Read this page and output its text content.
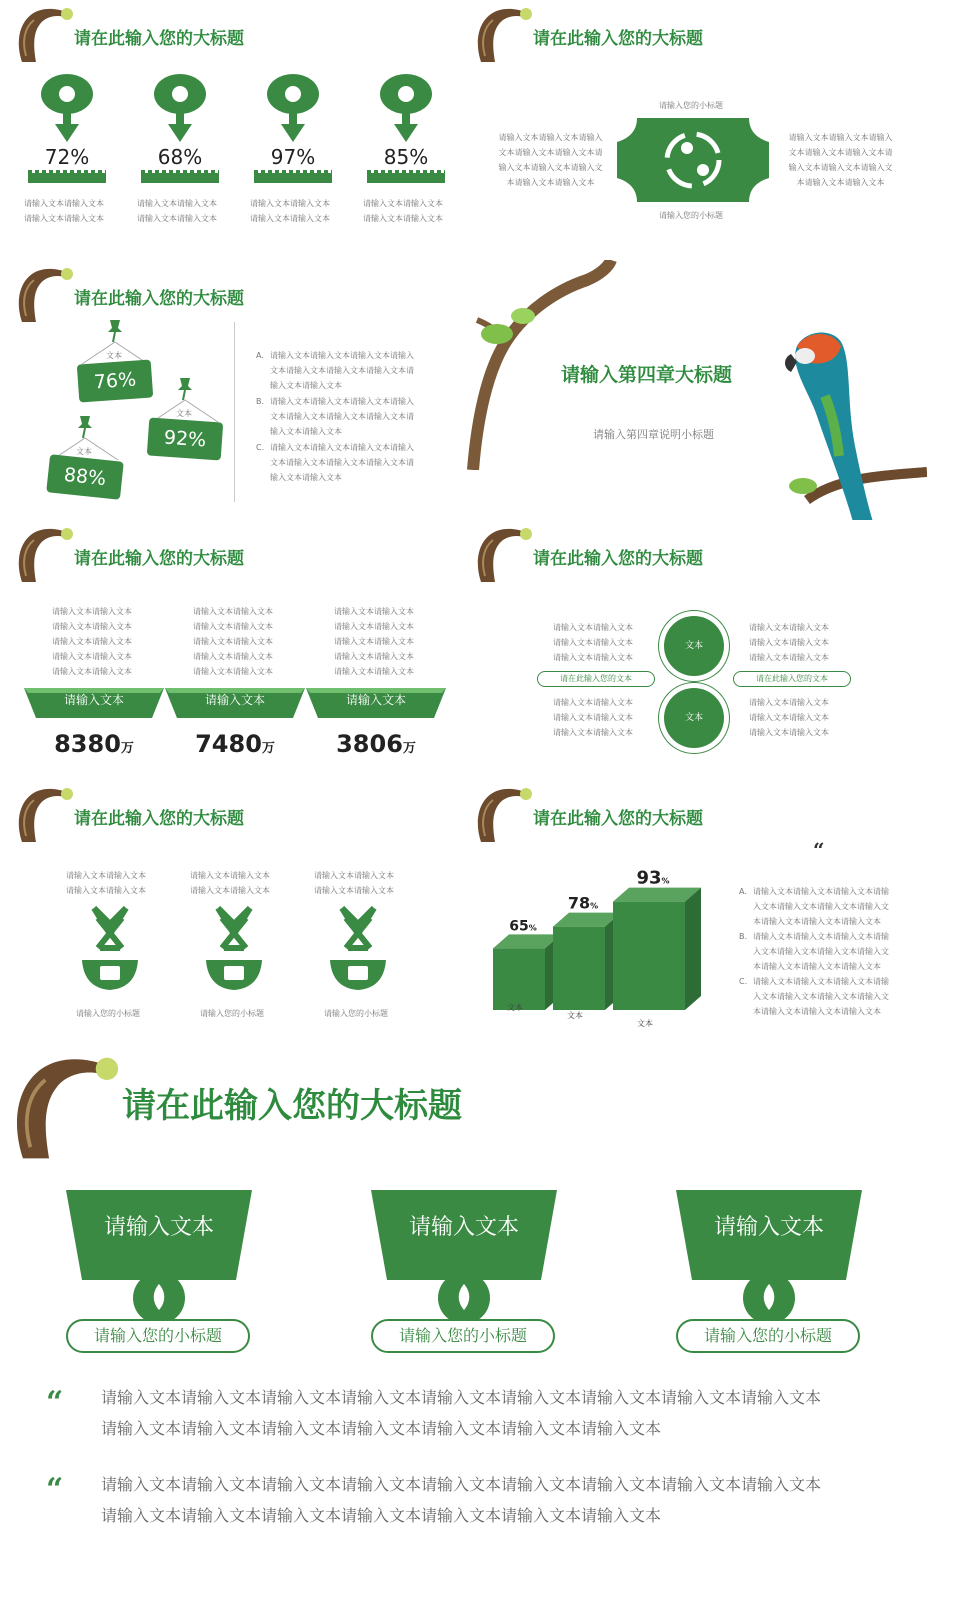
请在此输入您的大标题
72%
请输入文本请输入文本
请输入文本请输入文本
68%
请输入文本请输入文本
请输入文本请输入文本
97%
请输入文本请输入文本
请输入文本请输入文本
85%
请输入文本请输入文本
请输入文本请输入文本
请在此输入您的大标题
请输入您的小标题
请输入您的小标题
请输入文本请输入文本请输入
文本请输入文本请输入文本请
输入文本请输入文本请输入文
本请输入文本请输入文本
请输入文本请输入文本请输入
文本请输入文本请输入文本请
输入文本请输入文本请输入文
本请输入文本请输入文本
请在此输入您的大标题
文本
76%
文本
92%
文本
88%
A. 请输入文本请输入文本请输入文本请输入
文本请输入文本请输入文本请输入文本请
输入文本请输入文本
B. 请输入文本请输入文本请输入文本请输入
文本请输入文本请输入文本请输入文本请
输入文本请输入文本
C. 请输入文本请输入文本请输入文本请输入
文本请输入文本请输入文本请输入文本请
输入文本请输入文本
请输入第四章大标题
请输入第四章说明小标题
请在此输入您的大标题
请输入文本请输入文本
请输入文本请输入文本
请输入文本请输入文本
请输入文本请输入文本
请输入文本请输入文本
请输入文本
8380万
请输入文本请输入文本
请输入文本请输入文本
请输入文本请输入文本
请输入文本请输入文本
请输入文本请输入文本
请输入文本
7480万
请输入文本请输入文本
请输入文本请输入文本
请输入文本请输入文本
请输入文本请输入文本
请输入文本请输入文本
请输入文本
3806万
请在此输入您的大标题
请输入文本请输入文本
请输入文本请输入文本
请输入文本请输入文本
请输入文本请输入文本
请输入文本请输入文本
请输入文本请输入文本
请输入文本请输入文本
请输入文本请输入文本
请输入文本请输入文本
请输入文本请输入文本
请输入文本请输入文本
请输入文本请输入文本
请在此输入您的文本	请在此输入您的文本
文本
文本
请在此输入您的大标题
请输入文本请输入文本
请输入文本请输入文本
请输入您的小标题
请输入文本请输入文本
请输入文本请输入文本
请输入您的小标题
请输入文本请输入文本
请输入文本请输入文本
请输入您的小标题
请在此输入您的大标题
65%
文本
78%
文本
93%
文本
“
A. 请输入文本请输入文本请输入文本请输
入文本请输入文本请输入文本请输入文
本请输入文本请输入文本请输入文本
B. 请输入文本请输入文本请输入文本请输
入文本请输入文本请输入文本请输入文
本请输入文本请输入文本请输入文本
C. 请输入文本请输入文本请输入文本请输
入文本请输入文本请输入文本请输入文
本请输入文本请输入文本请输入文本
请在此输入您的大标题
请输入文本
请输入您的小标题
请输入文本
请输入您的小标题
请输入文本
请输入您的小标题
“ 请输入文本请输入文本请输入文本请输入文本请输入文本请输入文本请输入文本请输入文本请输入文本请输入文本请输入文本请输入文本请输入文本请输入文本请输入文本请输入文本
“ 请输入文本请输入文本请输入文本请输入文本请输入文本请输入文本请输入文本请输入文本请输入文本请输入文本请输入文本请输入文本请输入文本请输入文本请输入文本请输入文本
